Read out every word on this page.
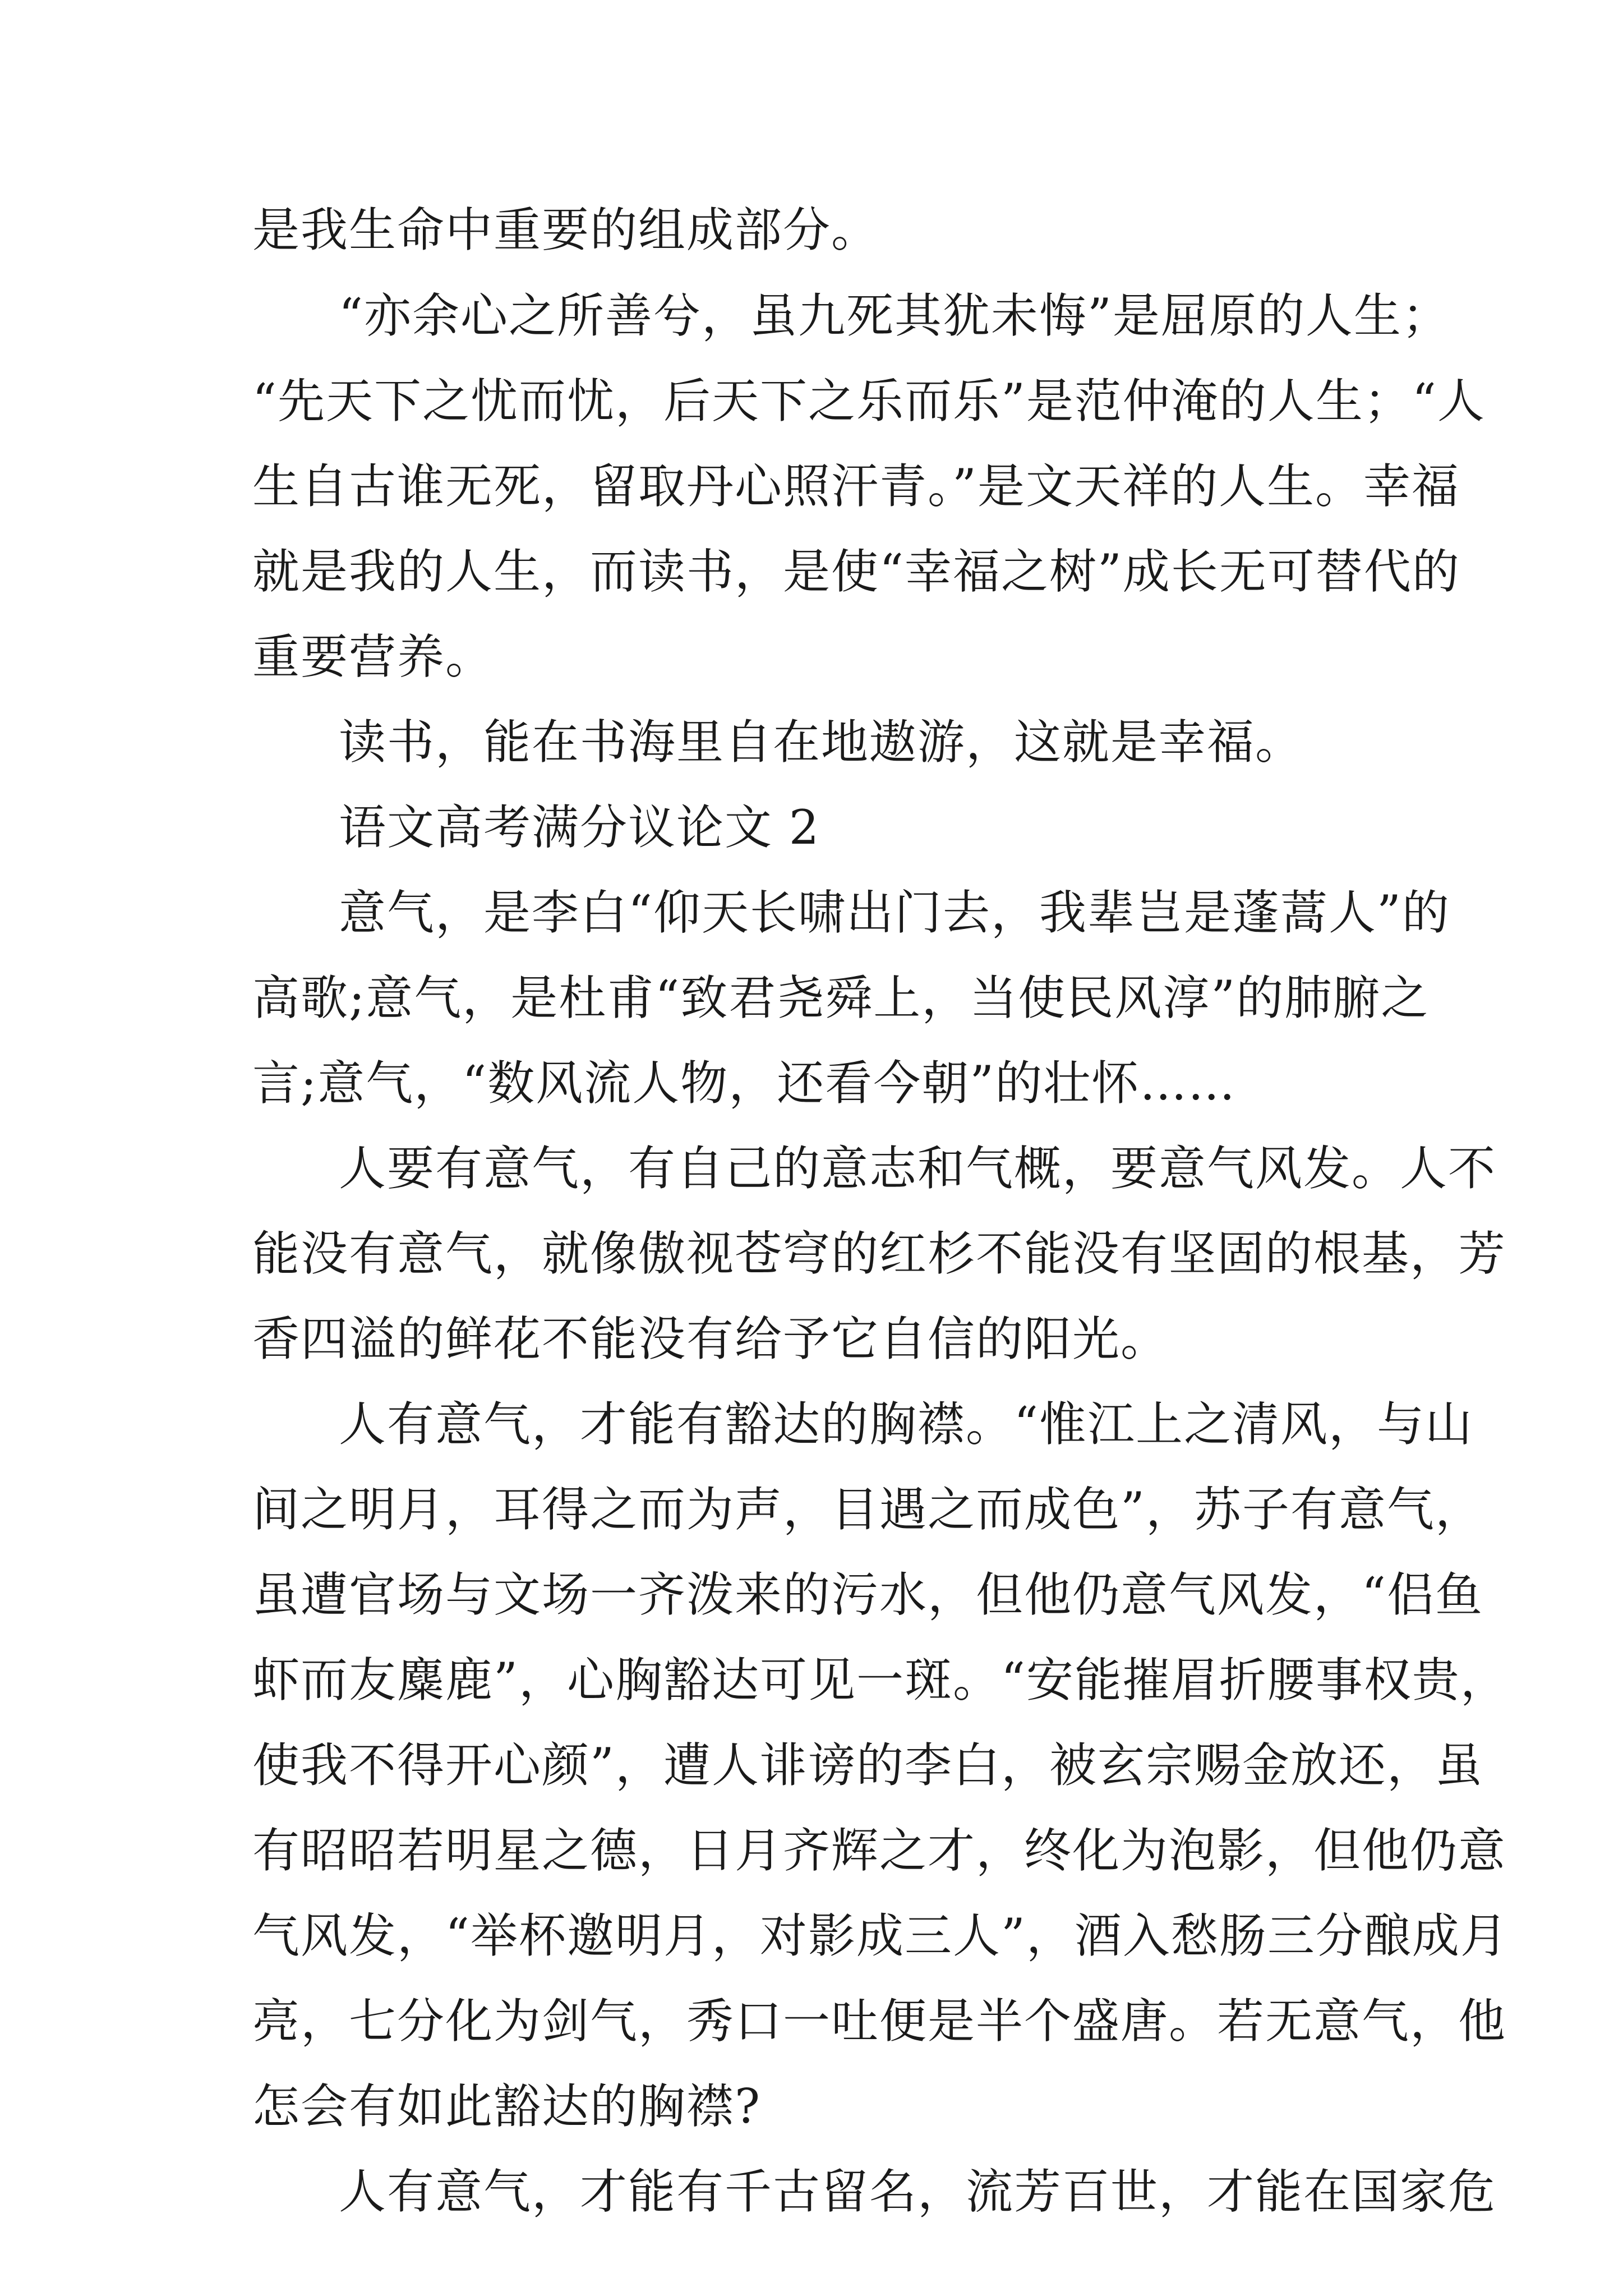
是我生命中重要的组成部分。

“亦余心之所善兮，虽九死其犹未悔”是屈原的人生；

“先天下之忧而忧，后天下之乐而乐”是范仲淹的人生；“人

生自古谁无死，留取丹心照汗青。”是文天祥的人生。幸福

就是我的人生，而读书，是使“幸福之树”成长无可替代的

重要营养。

读书，能在书海里自在地遨游，这就是幸福。

语文高考满分议论文 2

意气，是李白“仰天长啸出门去，我辈岂是蓬蒿人”的

高歌;意气，是杜甫“致君尧舜上，当使民风淳”的肺腑之

言;意气，“数风流人物，还看今朝”的壮怀……

人要有意气，有自己的意志和气概，要意气风发。人不

能没有意气，就像傲视苍穹的红杉不能没有坚固的根基，芳

香四溢的鲜花不能没有给予它自信的阳光。

人有意气，才能有豁达的胸襟。“惟江上之清风，与山

间之明月，耳得之而为声，目遇之而成色”，苏子有意气，

虽遭官场与文场一齐泼来的污水，但他仍意气风发，“侣鱼

虾而友麋鹿”，心胸豁达可见一斑。“安能摧眉折腰事权贵，

使我不得开心颜”，遭人诽谤的李白，被玄宗赐金放还，虽

有昭昭若明星之德，日月齐辉之才，终化为泡影，但他仍意

气风发，“举杯邀明月，对影成三人”，酒入愁肠三分酿成月

亮，七分化为剑气，秀口一吐便是半个盛唐。若无意气，他

怎会有如此豁达的胸襟?

人有意气，才能有千古留名，流芳百世，才能在国家危
